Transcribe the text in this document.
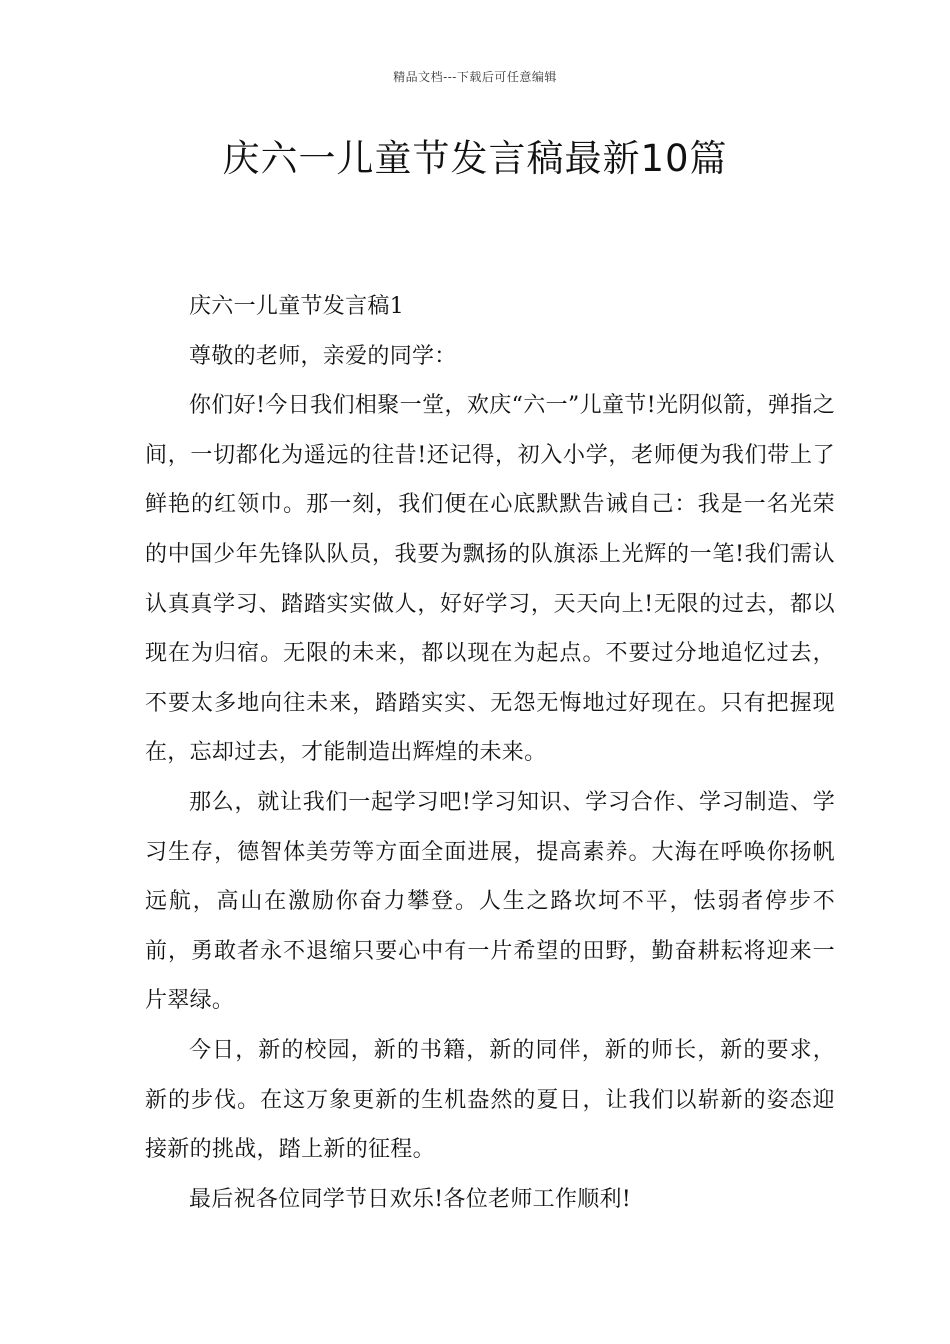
精品文档---下载后可任意编辑
庆六一儿童节发言稿最新10篇

庆六一儿童节发言稿1

尊敬的老师，亲爱的同学：

你们好!今日我们相聚一堂，欢庆“六一”儿童节!光阴似箭，弹指之间，一切都化为遥远的往昔!还记得，初入小学，老师便为我们带上了鲜艳的红领巾。那一刻，我们便在心底默默告诫自己：我是一名光荣的中国少年先锋队队员，我要为飘扬的队旗添上光辉的一笔!我们需认认真真学习、踏踏实实做人，好好学习，天天向上!无限的过去，都以现在为归宿。无限的未来，都以现在为起点。不要过分地追忆过去，不要太多地向往未来，踏踏实实、无怨无悔地过好现在。只有把握现在，忘却过去，才能制造出辉煌的未来。

那么，就让我们一起学习吧!学习知识、学习合作、学习制造、学习生存，德智体美劳等方面全面进展，提高素养。大海在呼唤你扬帆远航，高山在激励你奋力攀登。人生之路坎坷不平，怯弱者停步不前，勇敢者永不退缩只要心中有一片希望的田野，勤奋耕耘将迎来一片翠绿。

今日，新的校园，新的书籍，新的同伴，新的师长，新的要求，新的步伐。在这万象更新的生机盎然的夏日，让我们以崭新的姿态迎接新的挑战，踏上新的征程。

最后祝各位同学节日欢乐!各位老师工作顺利!
